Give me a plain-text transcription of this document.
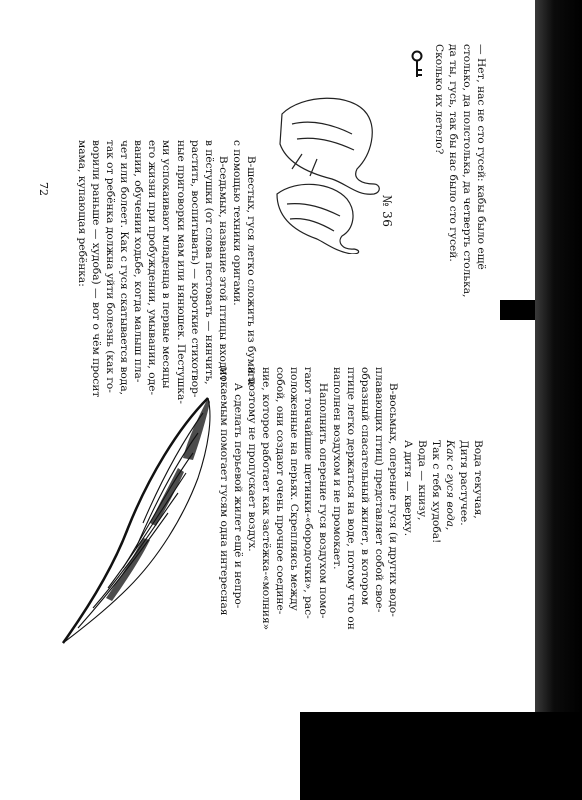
— Нет, нас не сто гусей: кабы было ещё

столько, да полстолька, да четверть столька,

да ты, гусь, так бы нас было сто гусей.

Сколько их летело?

№ 36

В-шестых, гуся легко сложить из бумаги

с помощью техники оригами.

В-седьмых, название этой птицы входит

в пёстушки (от слова пестовать — нянчить,

растить, воспитывать) — короткие стихотвор-

ные приговорки мам или нянюшек. Пестушка-

ми успокаивают младенца в первые месяцы

его жизни при пробуждении, умывании, оде-

вании, обучении ходьбе, когда малыш пла-

чет или болеет. Как с гуся скатывается вода,

так от ребёнка должна уйти болезнь (как го-

ворили раньше — худоба) — вот о чём просит

мама, купающая ребёнка:

72

Вода текучая,

Дитя растучее.

Как с гуся вода,

Так с тебя худоба!

Вода — книзу,

А дитя — кверху.

В-восьмых, оперение гуся (и других водо-

плавающих птиц) представляет собой свое-

образный спасательный жилет, в котором

птице легко держаться на воде, потому что он

наполнен воздухом и не промокает.

Наполнить оперение гуся воздухом помо-

гают тончайшие щетинки-«бородочки», рас-

положенные на перьях. Скрепляясь между

собой, они создают очень прочное соедине-

ние, которое работает как застёжка-«молния»

и поэтому не пропускает воздух.

А сделать перьевой жилет ещё и непро-

мокаемым помогает гусям одна интересная
